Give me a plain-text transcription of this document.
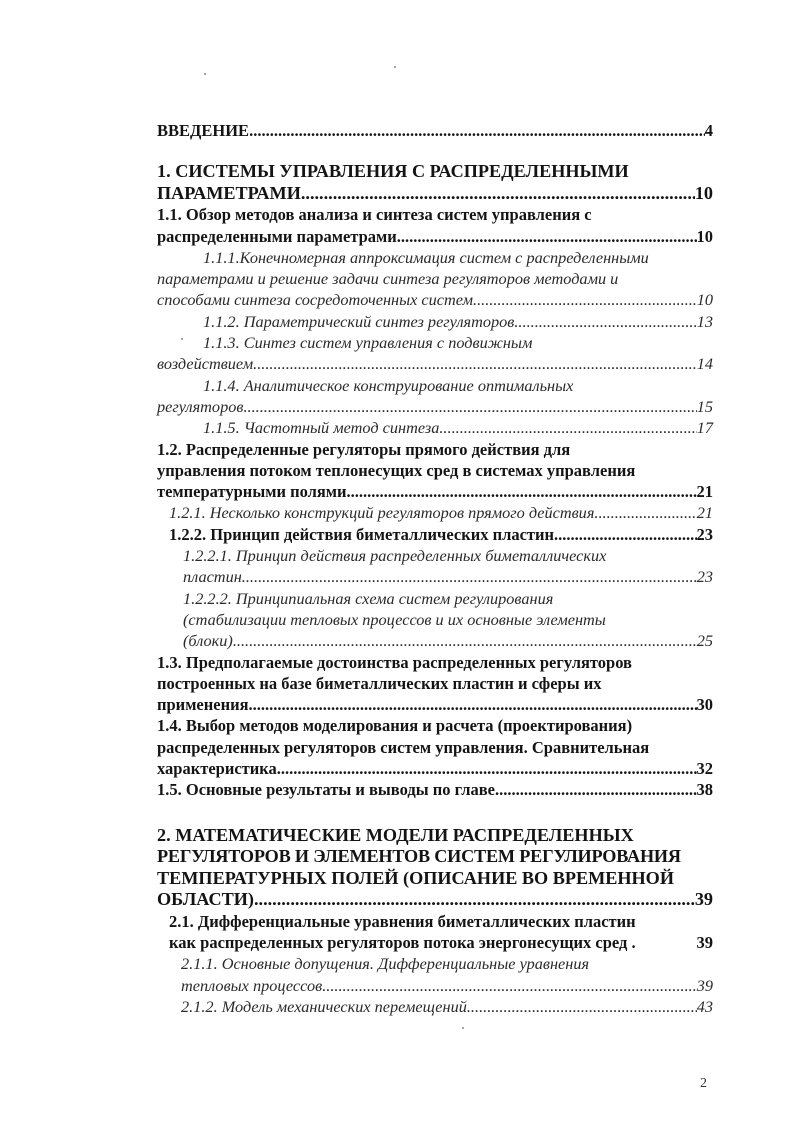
ВВЕДЕНИЕ .....	4
1. СИСТЕМЫ УПРАВЛЕНИЯ С РАСПРЕДЕЛЕННЫМИ
ПАРАМЕТРАМИ .....	10
1.1. Обзор методов анализа и синтеза систем управления с
распределенными параметрами .....	10
1.1.1.Конечномерная аппроксимация систем с распределенными
параметрами и решение задачи синтеза регуляторов методами и
способами синтеза сосредоточенных систем .....	10
1.1.2. Параметрический синтез регуляторов .....	13
1.1.3. Синтез систем управления с подвижным
воздействием .....	14
1.1.4. Аналитическое конструирование оптимальных
регуляторов .....	15
1.1.5. Частотный метод синтеза .....	17
1.2. Распределенные регуляторы прямого действия для
управления потоком теплонесущих сред в системах управления
температурными полями .....	21
1.2.1. Несколько конструкций регуляторов прямого действия .....	21
1.2.2. Принцип действия биметаллических пластин .....	23
1.2.2.1. Принцип действия распределенных биметаллических
пластин .....	23
1.2.2.2. Принципиальная схема систем регулирования
(стабилизации тепловых процессов и их основные элементы
(блоки) .....	25
1.3. Предполагаемые достоинства распределенных регуляторов
построенных на базе биметаллических пластин и сферы их
применения .....	30
1.4. Выбор методов моделирования и расчета (проектирования)
распределенных регуляторов систем управления. Сравнительная
характеристика .....	32
1.5. Основные результаты и выводы по главе .....	38
2. МАТЕМАТИЧЕСКИЕ МОДЕЛИ РАСПРЕДЕЛЕННЫХ
РЕГУЛЯТОРОВ И ЭЛЕМЕНТОВ СИСТЕМ РЕГУЛИРОВАНИЯ
ТЕМПЕРАТУРНЫХ ПОЛЕЙ (ОПИСАНИЕ ВО ВРЕМЕННОЙ
ОБЛАСТИ) .....	39
2.1. Дифференциальные уравнения биметаллических пластин
как распределенных регуляторов потока энергонесущих сред .	39
2.1.1. Основные допущения. Дифференциальные уравнения
тепловых процессов .....	39
2.1.2. Модель механических перемещений .....	43
2
